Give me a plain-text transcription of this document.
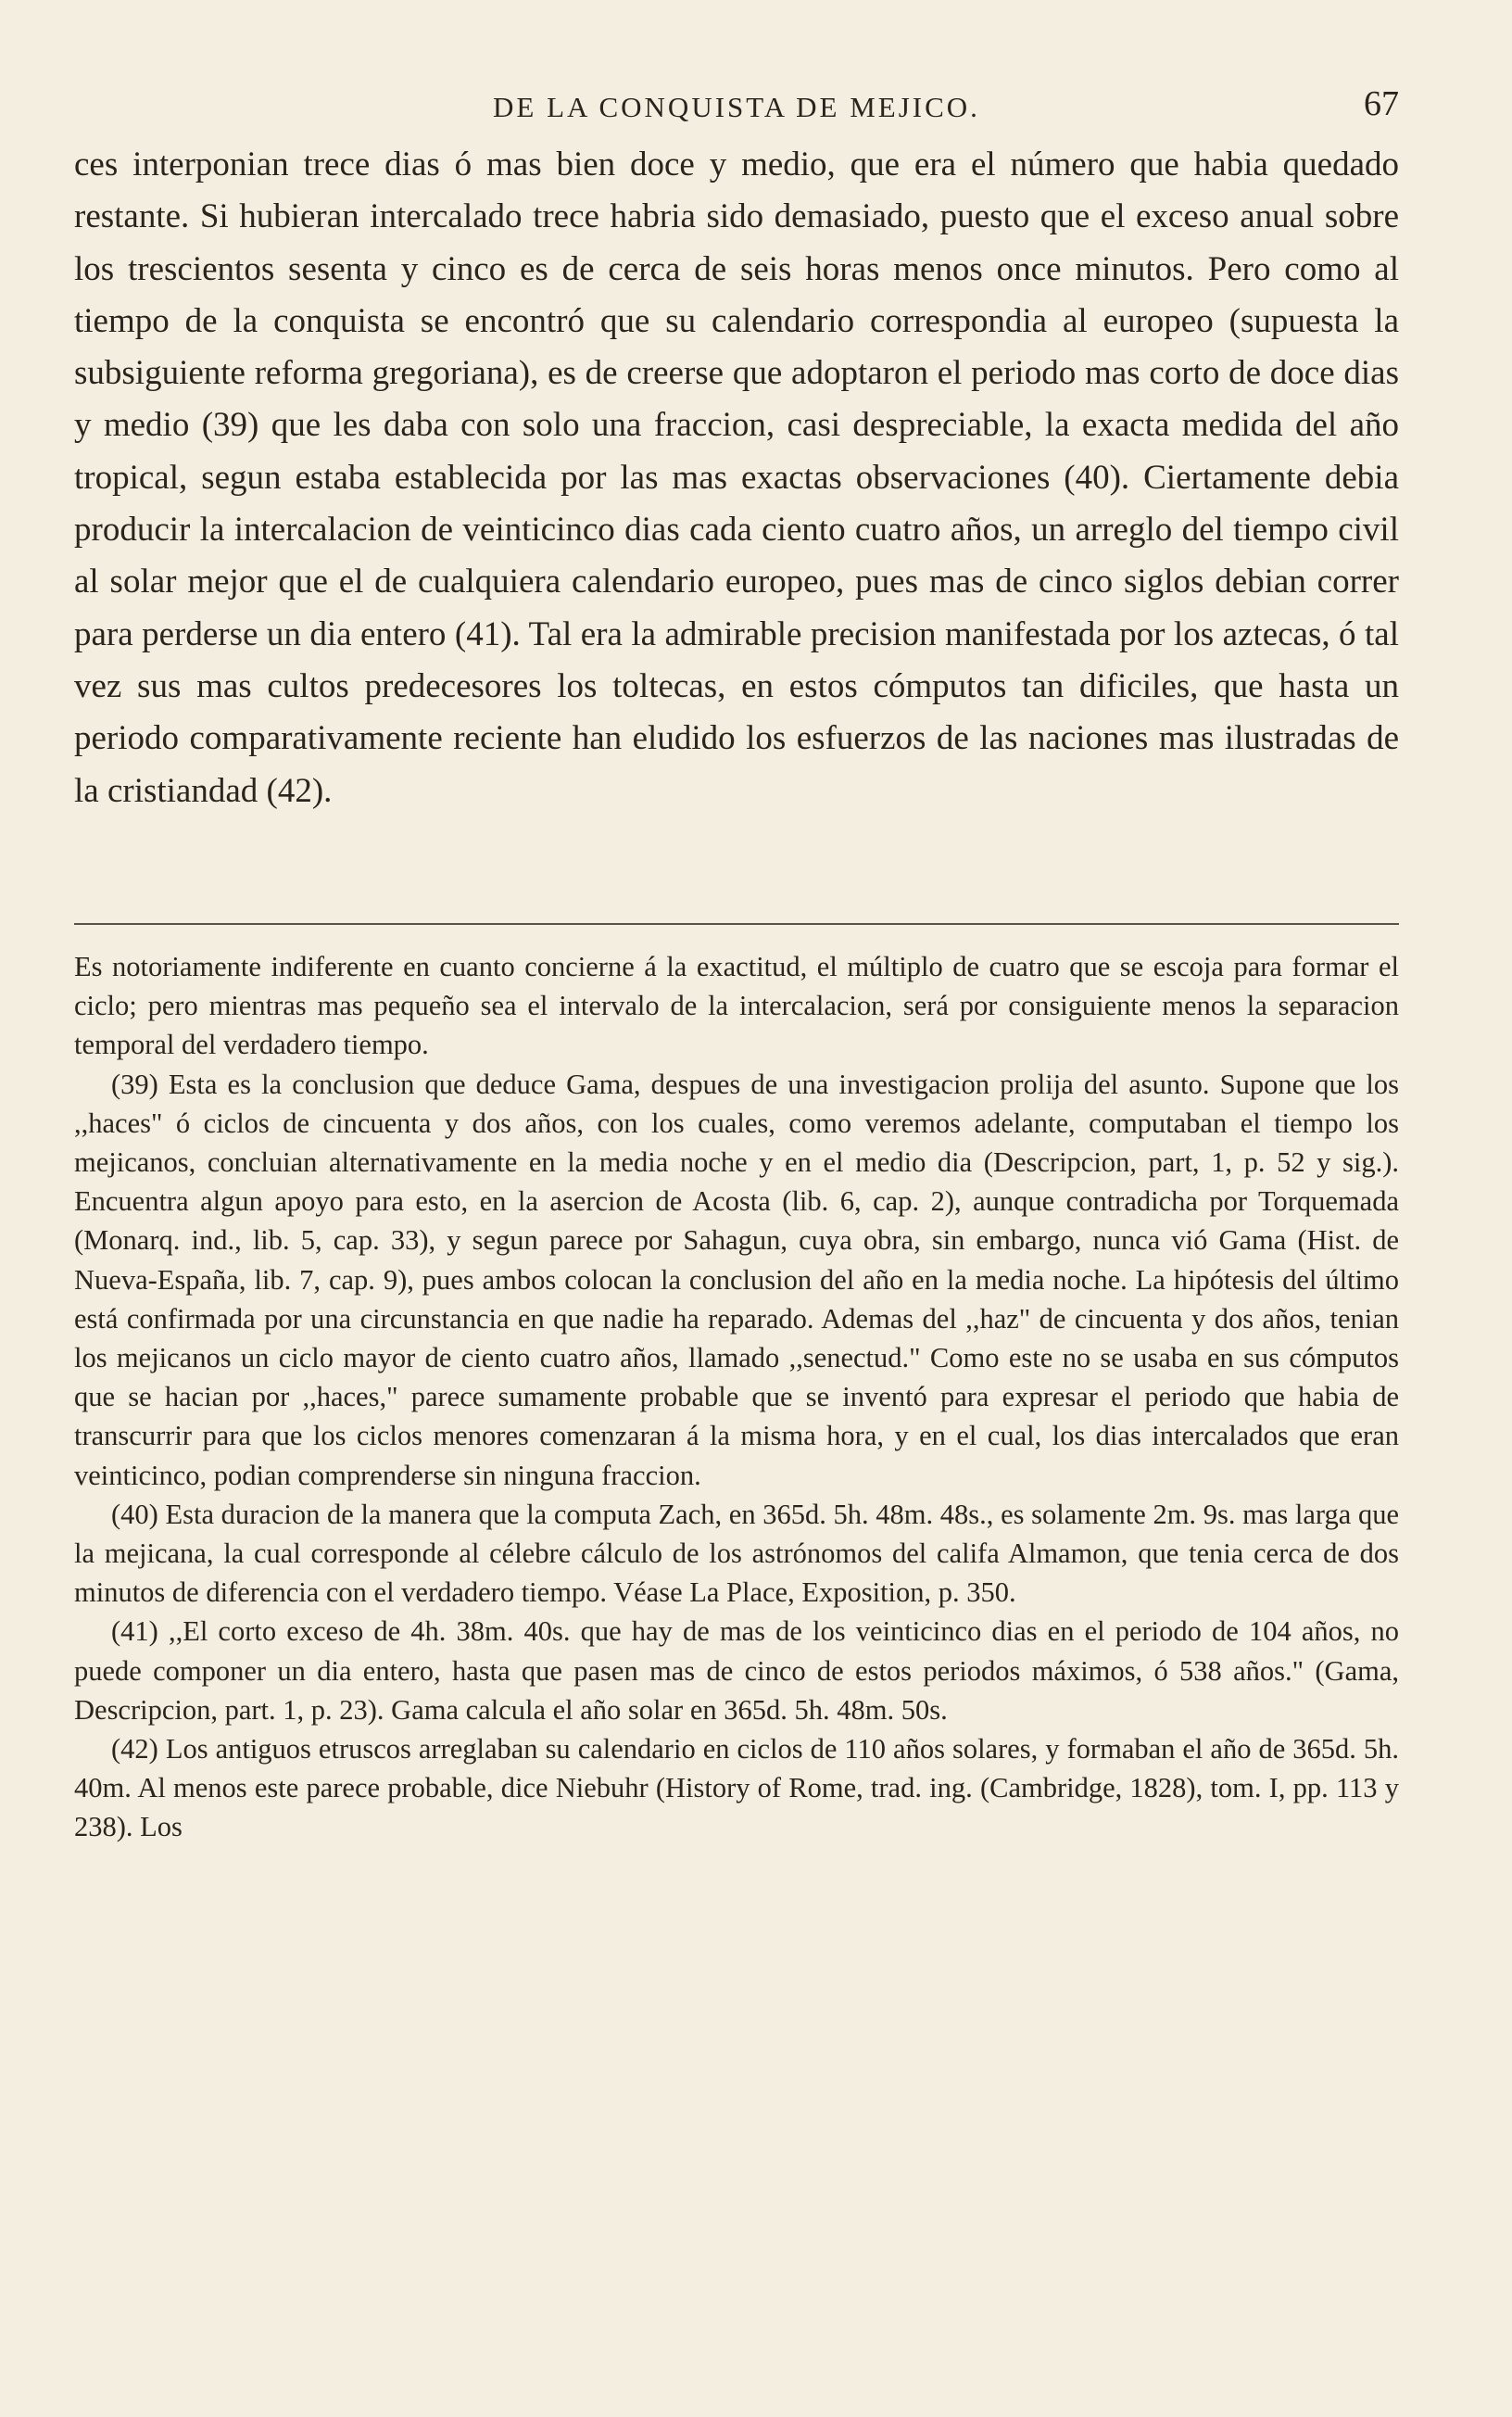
DE LA CONQUISTA DE MEJICO.	67

ces interponian trece dias ó mas bien doce y medio, que era el número que habia quedado restante. Si hubieran intercalado trece habria sido demasiado, puesto que el exceso anual sobre los trescientos sesenta y cinco es de cerca de seis horas menos once minutos. Pero como al tiempo de la conquista se encontró que su calendario correspondia al europeo (supuesta la subsiguiente reforma gregoriana), es de creerse que adoptaron el periodo mas corto de doce dias y medio (39) que les daba con solo una fraccion, casi despreciable, la exacta medida del año tropical, segun estaba establecida por las mas exactas observaciones (40). Ciertamente debia producir la intercalacion de veinticinco dias cada ciento cuatro años, un arreglo del tiempo civil al solar mejor que el de cualquiera calendario europeo, pues mas de cinco siglos debian correr para perderse un dia entero (41). Tal era la admirable precision manifestada por los aztecas, ó tal vez sus mas cultos predecesores los toltecas, en estos cómputos tan dificiles, que hasta un periodo comparativamente reciente han eludido los esfuerzos de las naciones mas ilustradas de la cristiandad (42).

Es notoriamente indiferente en cuanto concierne á la exactitud, el múltiplo de cuatro que se escoja para formar el ciclo; pero mientras mas pequeño sea el intervalo de la intercalacion, será por consiguiente menos la separacion temporal del verdadero tiempo.

(39) Esta es la conclusion que deduce Gama, despues de una investigacion prolija del asunto. Supone que los ,,haces" ó ciclos de cincuenta y dos años, con los cuales, como veremos adelante, computaban el tiempo los mejicanos, concluian alternativamente en la media noche y en el medio dia (Descripcion, part, 1, p. 52 y sig.). Encuentra algun apoyo para esto, en la asercion de Acosta (lib. 6, cap. 2), aunque contradicha por Torquemada (Monarq. ind., lib. 5, cap. 33), y segun parece por Sahagun, cuya obra, sin embargo, nunca vió Gama (Hist. de Nueva-España, lib. 7, cap. 9), pues ambos colocan la conclusion del año en la media noche. La hipótesis del último está confirmada por una circunstancia en que nadie ha reparado. Ademas del ,,haz" de cincuenta y dos años, tenian los mejicanos un ciclo mayor de ciento cuatro años, llamado ,,senectud." Como este no se usaba en sus cómputos que se hacian por ,,haces," parece sumamente probable que se inventó para expresar el periodo que habia de transcurrir para que los ciclos menores comenzaran á la misma hora, y en el cual, los dias intercalados que eran veinticinco, podian comprenderse sin ninguna fraccion.

(40) Esta duracion de la manera que la computa Zach, en 365d. 5h. 48m. 48s., es solamente 2m. 9s. mas larga que la mejicana, la cual corresponde al célebre cálculo de los astrónomos del califa Almamon, que tenia cerca de dos minutos de diferencia con el verdadero tiempo. Véase La Place, Exposition, p. 350.

(41) ,,El corto exceso de 4h. 38m. 40s. que hay de mas de los veinticinco dias en el periodo de 104 años, no puede componer un dia entero, hasta que pasen mas de cinco de estos periodos máximos, ó 538 años." (Gama, Descripcion, part. 1, p. 23). Gama calcula el año solar en 365d. 5h. 48m. 50s.

(42) Los antiguos etruscos arreglaban su calendario en ciclos de 110 años solares, y formaban el año de 365d. 5h. 40m. Al menos este parece probable, dice Niebuhr (History of Rome, trad. ing. (Cambridge, 1828), tom. I, pp. 113 y 238). Los
